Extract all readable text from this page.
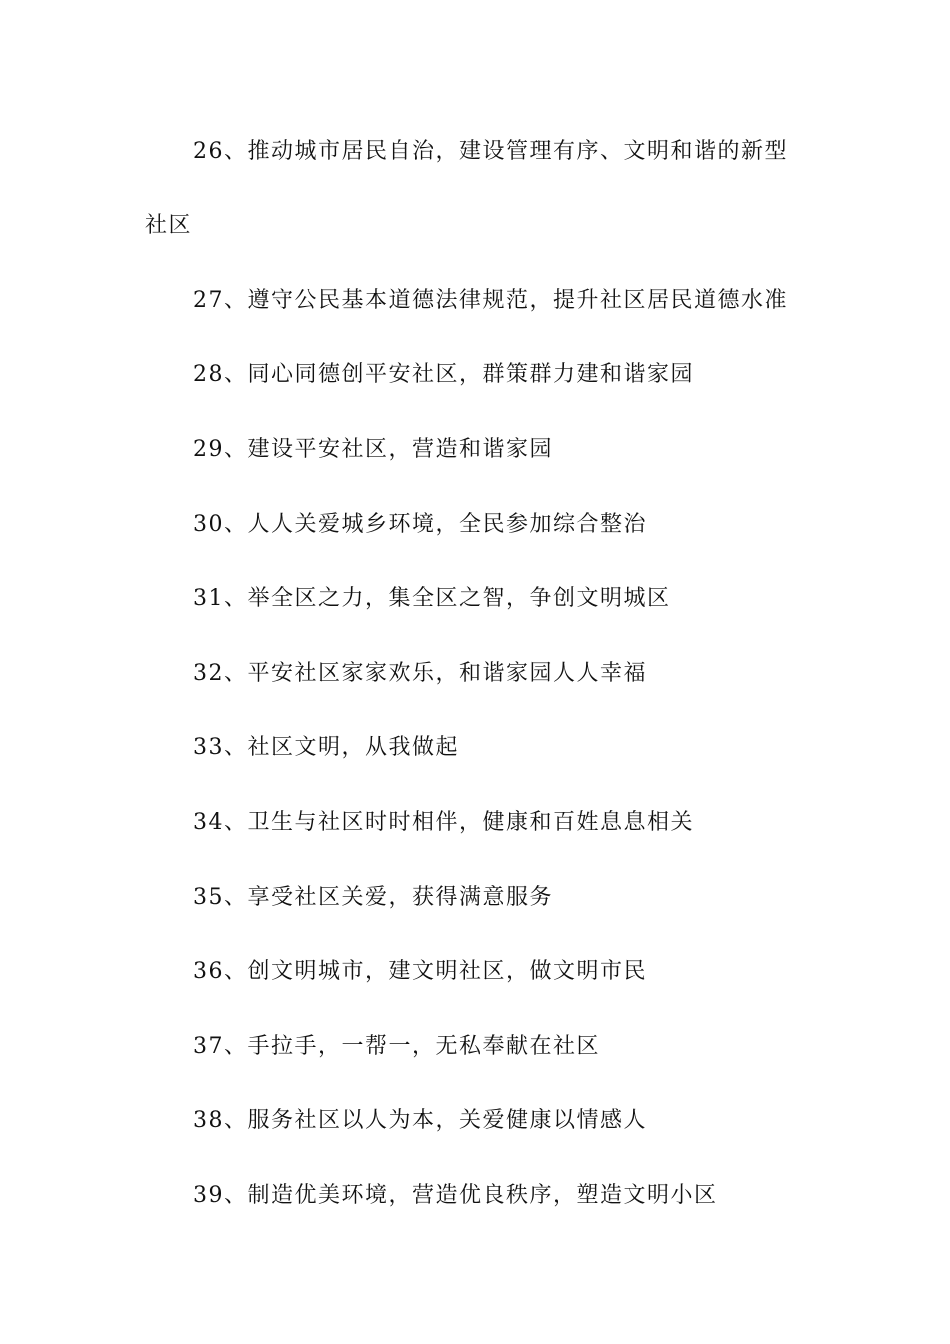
26、推动城市居民自治，建设管理有序、文明和谐的新型
社区
27、遵守公民基本道德法律规范，提升社区居民道德水准
28、同心同德创平安社区，群策群力建和谐家园
29、建设平安社区，营造和谐家园
30、人人关爱城乡环境，全民参加综合整治
31、举全区之力，集全区之智，争创文明城区
32、平安社区家家欢乐，和谐家园人人幸福
33、社区文明，从我做起
34、卫生与社区时时相伴，健康和百姓息息相关
35、享受社区关爱，获得满意服务
36、创文明城市，建文明社区，做文明市民
37、手拉手，一帮一，无私奉献在社区
38、服务社区以人为本，关爱健康以情感人
39、制造优美环境，营造优良秩序，塑造文明小区
